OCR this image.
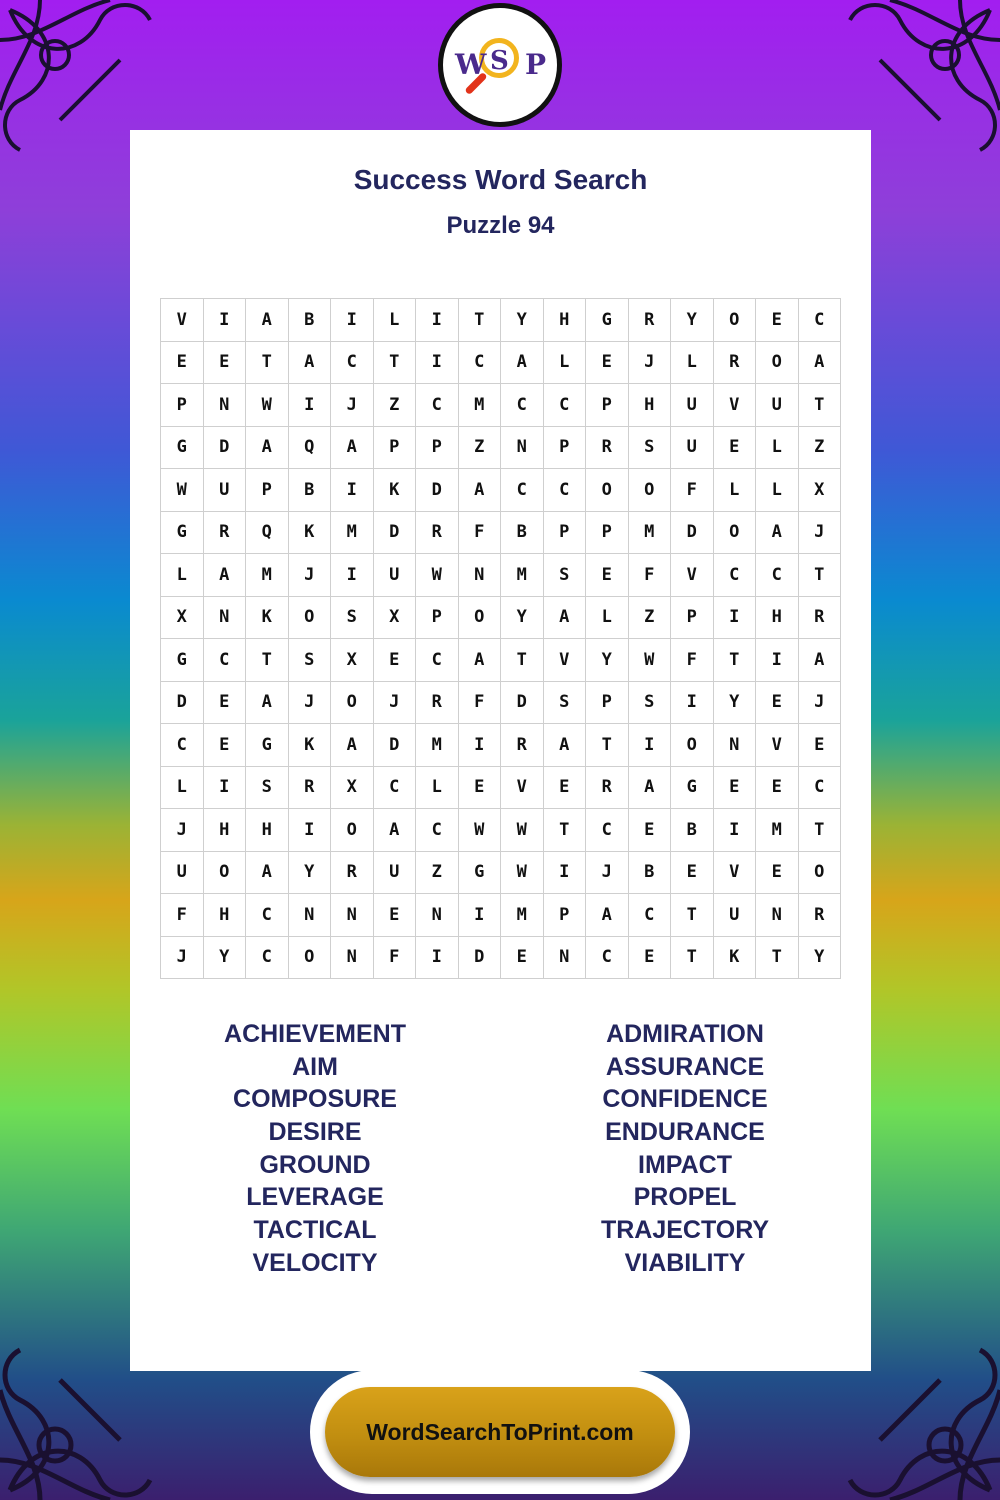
W S P
Success Word Search
Puzzle 94
V	I	A	B	I	L	I	T	Y	H	G	R	Y	O	E	C
E	E	T	A	C	T	I	C	A	L	E	J	L	R	O	A
P	N	W	I	J	Z	C	M	C	C	P	H	U	V	U	T
G	D	A	Q	A	P	P	Z	N	P	R	S	U	E	L	Z
W	U	P	B	I	K	D	A	C	C	O	O	F	L	L	X
G	R	Q	K	M	D	R	F	B	P	P	M	D	O	A	J
L	A	M	J	I	U	W	N	M	S	E	F	V	C	C	T
X	N	K	O	S	X	P	O	Y	A	L	Z	P	I	H	R
G	C	T	S	X	E	C	A	T	V	Y	W	F	T	I	A
D	E	A	J	O	J	R	F	D	S	P	S	I	Y	E	J
C	E	G	K	A	D	M	I	R	A	T	I	O	N	V	E
L	I	S	R	X	C	L	E	V	E	R	A	G	E	E	C
J	H	H	I	O	A	C	W	W	T	C	E	B	I	M	T
U	O	A	Y	R	U	Z	G	W	I	J	B	E	V	E	O
F	H	C	N	N	E	N	I	M	P	A	C	T	U	N	R
J	Y	C	O	N	F	I	D	E	N	C	E	T	K	T	Y
ACHIEVEMENT
AIM
COMPOSURE
DESIRE
GROUND
LEVERAGE
TACTICAL
VELOCITY
ADMIRATION
ASSURANCE
CONFIDENCE
ENDURANCE
IMPACT
PROPEL
TRAJECTORY
VIABILITY
WordSearchToPrint.com
